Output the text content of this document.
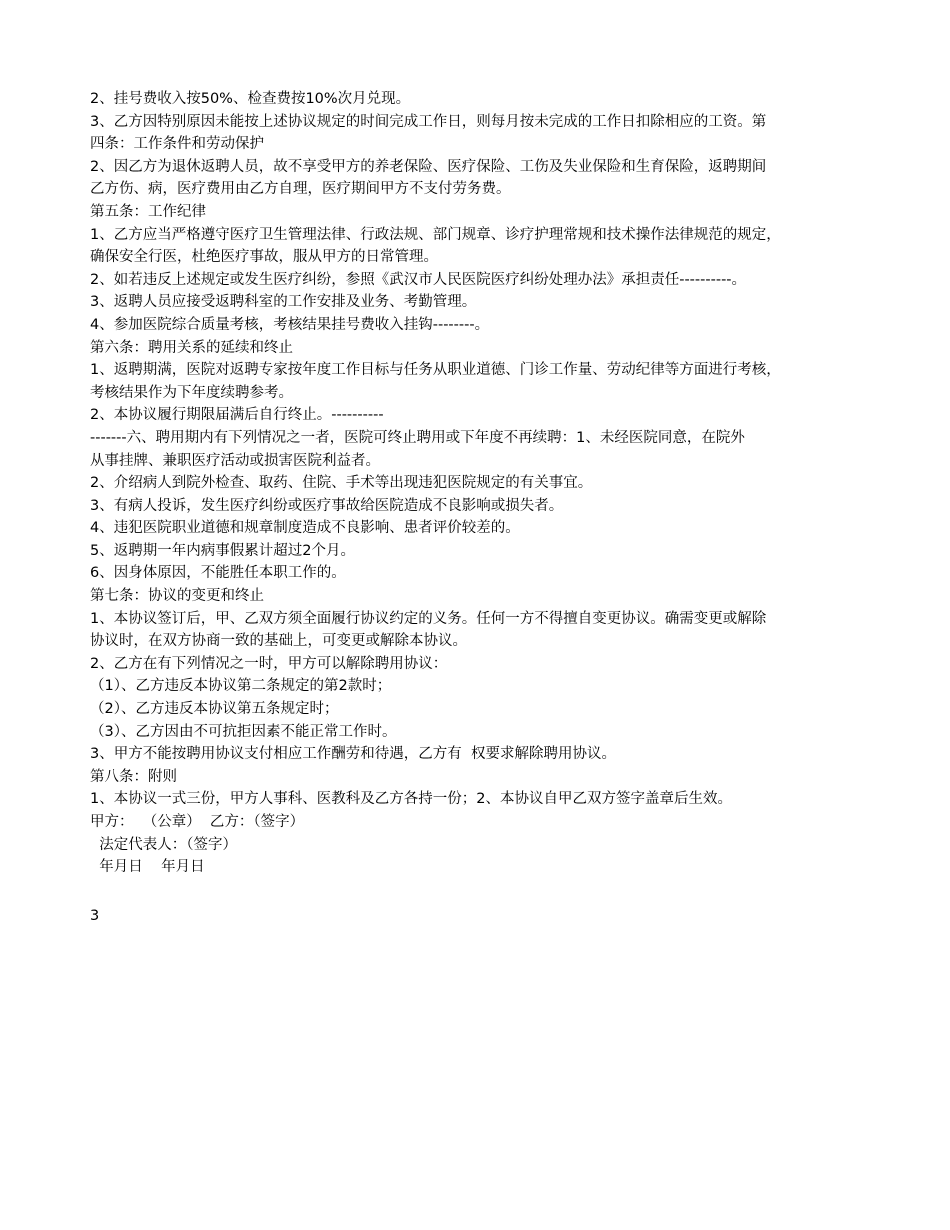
2、挂号费收入按50%、检查费按10%次月兑现。

3、乙方因特别原因未能按上述协议规定的时间完成工作日，则每月按未完成的工作日扣除相应的工资。第

四条：工作条件和劳动保护

2、因乙方为退休返聘人员，故不享受甲方的养老保险、医疗保险、工伤及失业保险和生育保险，返聘期间

乙方伤、病，医疗费用由乙方自理，医疗期间甲方不支付劳务费。

第五条：工作纪律

1、乙方应当严格遵守医疗卫生管理法律、行政法规、部门规章、诊疗护理常规和技术操作法律规范的规定，

确保安全行医，杜绝医疗事故，服从甲方的日常管理。

2、如若违反上述规定或发生医疗纠纷，参照《武汉市人民医院医疗纠纷处理办法》承担责任----------。

3、返聘人员应接受返聘科室的工作安排及业务、考勤管理。

4、参加医院综合质量考核，考核结果挂号费收入挂钩--------。

第六条：聘用关系的延续和终止

1、返聘期满，医院对返聘专家按年度工作目标与任务从职业道德、门诊工作量、劳动纪律等方面进行考核，

考核结果作为下年度续聘参考。

2、本协议履行期限届满后自行终止。----------

-------六、聘用期内有下列情况之一者，医院可终止聘用或下年度不再续聘：1、未经医院同意，在院外

从事挂牌、兼职医疗活动或损害医院利益者。

2、介绍病人到院外检查、取药、住院、手术等出现违犯医院规定的有关事宜。

3、有病人投诉，发生医疗纠纷或医疗事故给医院造成不良影响或损失者。

4、违犯医院职业道德和规章制度造成不良影响、患者评价较差的。

5、返聘期一年内病事假累计超过2个月。

6、因身体原因，不能胜任本职工作的。

第七条：协议的变更和终止

1、本协议签订后，甲、乙双方须全面履行协议约定的义务。任何一方不得擅自变更协议。确需变更或解除

协议时，在双方协商一致的基础上，可变更或解除本协议。

2、乙方在有下列情况之一时，甲方可以解除聘用协议：

（1）、乙方违反本协议第二条规定的第2款时；

（2）、乙方违反本协议第五条规定时；

（3）、乙方因由不可抗拒因素不能正常工作时。

3、甲方不能按聘用协议支付相应工作酬劳和待遇，乙方有  权要求解除聘用协议。

第八条：附则

1、本协议一式三份，甲方人事科、医教科及乙方各持一份；2、本协议自甲乙双方签字盖章后生效。

甲方：  （公章）  乙方：（签字）

法定代表人：（签字）

年月日    年月日

3
